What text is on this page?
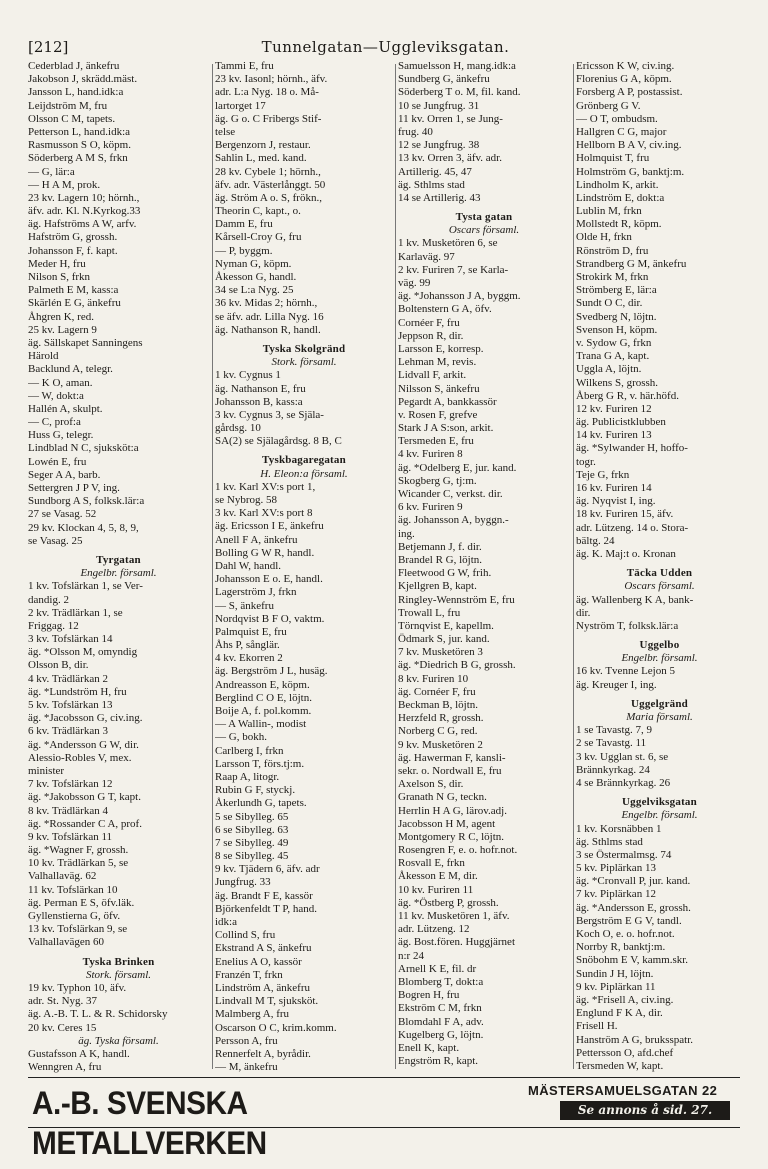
[212]	Tunnelgatan—Uggleviksgatan.
Cederblad J, änkefru
Jakobson J, skrädd.mäst.
Jansson L, hand.idk:a
Leijdström M, fru
Olsson C M, tapets.
Petterson L, hand.idk:a
Rasmusson S O, köpm.
Söderberg A M S, frkn
— G, lär:a
— H A M, prok.
23 kv. Lagern 10; hörnh.,
äfv. adr. Kl. N.Kyrkog.33
äg. Hafströms A W, arfv.
Hafström G, grossh.
Johansson F, f. kapt.
Meder H, fru
Nilson S, frkn
Palmeth E M, kass:a
Skärlén E G, änkefru
Åhgren K, red.
25 kv. Lagern 9
äg. Sällskapet Sanningens
Härold
Backlund A, telegr.
— K O, aman.
— W, dokt:a
Hallén A, skulpt.
— C, prof:a
Huss G, telegr.
Lindblad N C, sjuksköt:a
Lowén E, fru
Seger A A, barb.
Settergren J P V, ing.
Sundborg A S, folksk.lär:a
27 se Vasag. 52
29 kv. Klockan 4, 5, 8, 9,
se Vasag. 25
Tyrgatan
Engelbr. församl.
1 kv. Tofslärkan 1, se Ver-
dandig. 2
2 kv. Trädlärkan 1, se
Friggag. 12
3 kv. Tofslärkan 14
äg. *Olsson M, omyndig
Olsson B, dir.
4 kv. Trädlärkan 2
äg. *Lundström H, fru
5 kv. Tofslärkan 13
äg. *Jacobsson G, civ.ing.
6 kv. Trädlärkan 3
äg. *Andersson G W, dir.
Alessio-Robles V, mex.
minister
7 kv. Tofslärkan 12
äg. *Jakobsson G T, kapt.
8 kv. Trädlärkan 4
äg. *Rossander C A, prof.
9 kv. Tofslärkan 11
äg. *Wagner F, grossh.
10 kv. Trädlärkan 5, se
Valhallaväg. 62
11 kv. Tofslärkan 10
äg. Perman E S, öfv.läk.
Gyllenstierna G, öfv.
13 kv. Tofslärkan 9, se
Valhallavägen 60
Tyska Brinken
Stork. församl.
19 kv. Typhon 10, äfv.
adr. St. Nyg. 37
äg. A.-B. T. L. & R. Schidorsky
20 kv. Ceres 15
äg. Tyska församl.
Gustafsson A K, handl.
Wenngren A, fru
Tammi E, fru
23 kv. Iasonl; hörnh., äfv.
adr. L:a Nyg. 18 o. Må-
lartorget 17
äg. G o. C Fribergs Stif-
telse
Bergenzorn J, restaur.
Sahlin L, med. kand.
28 kv. Cybele 1; hörnh.,
äfv. adr. Västerlånggt. 50
äg. Ström A o. S, frökn.,
Theorin C, kapt., o.
Damm E, fru
Kårsell-Croy G, fru
— P, byggm.
Nyman G, köpm.
Åkesson G, handl.
34 se L:a Nyg. 25
36 kv. Midas 2; hörnh.,
se äfv. adr. Lilla Nyg. 16
äg. Nathanson R, handl.
Tyska Skolgränd
Stork. församl.
1 kv. Cygnus 1
äg. Nathanson E, fru
Johansson B, kass:a
3 kv. Cygnus 3, se Själa-
gårdsg. 10
SA(2) se Själagårdsg. 8 B, C
Tyskbagaregatan
H. Eleon:a församl.
1 kv. Karl XV:s port 1,
se Nybrog. 58
3 kv. Karl XV:s port 8
äg. Ericsson I E, änkefru
Anell F A, änkefru
Bolling G W R, handl.
Dahl W, handl.
Johansson E o. E, handl.
Lagerström J, frkn
— S, änkefru
Nordqvist B F O, vaktm.
Palmquist E, fru
Åhs P, sånglär.
4 kv. Ekorren 2
äg. Bergström J L, husäg.
Andreasson E, köpm.
Berglind C O E, löjtn.
Boije A, f. pol.komm.
— A Wallin-, modist
— G, bokh.
Carlberg I, frkn
Larsson T, förs.tj:m.
Raap A, litogr.
Rubin G F, styckj.
Åkerlundh G, tapets.
5 se Sibylleg. 65
6 se Sibylleg. 63
7 se Sibylleg. 49
8 se Sibylleg. 45
9 kv. Tjädern 6, äfv. adr
Jungfrug. 33
äg. Brandt F E, kassör
Björkenfeldt T P, hand.
idk:a
Collind S, fru
Ekstrand A S, änkefru
Enelius A O, kassör
Franzén T, frkn
Lindström A, änkefru
Lindvall M T, sjuksköt.
Malmberg A, fru
Oscarson O C, krim.komm.
Persson A, fru
Rennerfelt A, byrådir.
— M, änkefru
Samuelsson H, mang.idk:a
Sundberg G, änkefru
Söderberg T o. M, fil. kand.
10 se Jungfrug. 31
11 kv. Orren 1, se Jung-
frug. 40
12 se Jungfrug. 38
13 kv. Orren 3, äfv. adr.
Artillerig. 45, 47
äg. Sthlms stad
14 se Artillerig. 43
Tysta gatan
Oscars församl.
1 kv. Musketören 6, se
Karlaväg. 97
2 kv. Furiren 7, se Karla-
väg. 99
äg. *Johansson J A, byggm.
Boltenstern G A, öfv.
Cornéer F, fru
Jeppson R, dir.
Larsson E, korresp.
Lehman M, revis.
Lidvall F, arkit.
Nilsson S, änkefru
Pegardt A, bankkassör
v. Rosen F, grefve
Stark J A S:son, arkit.
Tersmeden E, fru
4 kv. Furiren 8
äg. *Odelberg E, jur. kand.
Skogberg G, tj:m.
Wicander C, verkst. dir.
6 kv. Furiren 9
äg. Johansson A, byggn.-
ing.
Betjemann J, f. dir.
Brandel R G, löjtn.
Fleetwood G W, frih.
Kjellgren B, kapt.
Ringley-Wennström E, fru
Trowall L, fru
Törnqvist E, kapellm.
Ödmark S, jur. kand.
7 kv. Musketören 3
äg. *Diedrich B G, grossh.
8 kv. Furiren 10
äg. Cornéer F, fru
Beckman B, löjtn.
Herzfeld R, grossh.
Norberg C G, red.
9 kv. Musketören 2
äg. Hawerman F, kansli-
sekr. o. Nordwall E, fru
Axelson S, dir.
Granath N G, teckn.
Herrlin H A G, lärov.adj.
Jacobsson H M, agent
Montgomery R C, löjtn.
Rosengren F, e. o. hofr.not.
Rosvall E, frkn
Åkesson E M, dir.
10 kv. Furiren 11
äg. *Östberg P, grossh.
11 kv. Musketören 1, äfv.
adr. Lützeng. 12
äg. Bost.fören. Huggjärnet
n:r 24
Arnell K E, fil. dr
Blomberg T, dokt:a
Bogren H, fru
Ekström C M, frkn
Blomdahl F A, adv.
Kugelberg G, löjtn.
Enell K, kapt.
Engström R, kapt.
Ericsson K W, civ.ing.
Florenius G A, köpm.
Forsberg A P, postassist.
Grönberg G V.
— O T, ombudsm.
Hallgren C G, major
Hellborn B A V, civ.ing.
Holmquist T, fru
Holmström G, banktj:m.
Lindholm K, arkit.
Lindström E, dokt:a
Lublin M, frkn
Mollstedt R, köpm.
Olde H, frkn
Rönström D, fru
Strandberg G M, änkefru
Strokirk M, frkn
Strömberg E, lär:a
Sundt O C, dir.
Svedberg N, löjtn.
Svenson H, köpm.
v. Sydow G, frkn
Trana G A, kapt.
Uggla A, löjtn.
Wilkens S, grossh.
Åberg G R, v. här.höfd.
12 kv. Furiren 12
äg. Publicistklubben
14 kv. Furiren 13
äg. *Sylwander H, hoffo-
togr.
Teje G, frkn
16 kv. Furiren 14
äg. Nyqvist I, ing.
18 kv. Furiren 15, äfv.
adr. Lützeng. 14 o. Stora-
bältg. 24
äg. K. Maj:t o. Kronan
Täcka Udden
Oscars församl.
äg. Wallenberg K A, bank-
dir.
Nyström T, folksk.lär:a
Uggelbo
Engelbr. församl.
16 kv. Tvenne Lejon 5
äg. Kreuger I, ing.
Uggelgränd
Maria församl.
1 se Tavastg. 7, 9
2 se Tavastg. 11
3 kv. Ugglan st. 6, se
Brännkyrkag. 24
4 se Brännkyrkag. 26
Uggelviksgatan
Engelbr. församl.
1 kv. Korsnäbben 1
äg. Sthlms stad
3 se Östermalmsg. 74
5 kv. Piplärkan 13
äg. *Cronvall P, jur. kand.
7 kv. Piplärkan 12
äg. *Andersson E, grossh.
Bergström E G V, tandl.
Koch O, e. o. hofr.not.
Norrby R, banktj:m.
Snöbohm E V, kamm.skr.
Sundin J H, löjtn.
9 kv. Piplärkan 11
äg. *Frisell A, civ.ing.
Englund F K A, dir.
Frisell H.
Hanström A G, bruksspatr.
Pettersson O, afd.chef
Tersmeden W, kapt.
A.-B. SVENSKA METALLVERKEN
MÄSTERSAMUELSGATAN 22
Se annons å sid. 27.
